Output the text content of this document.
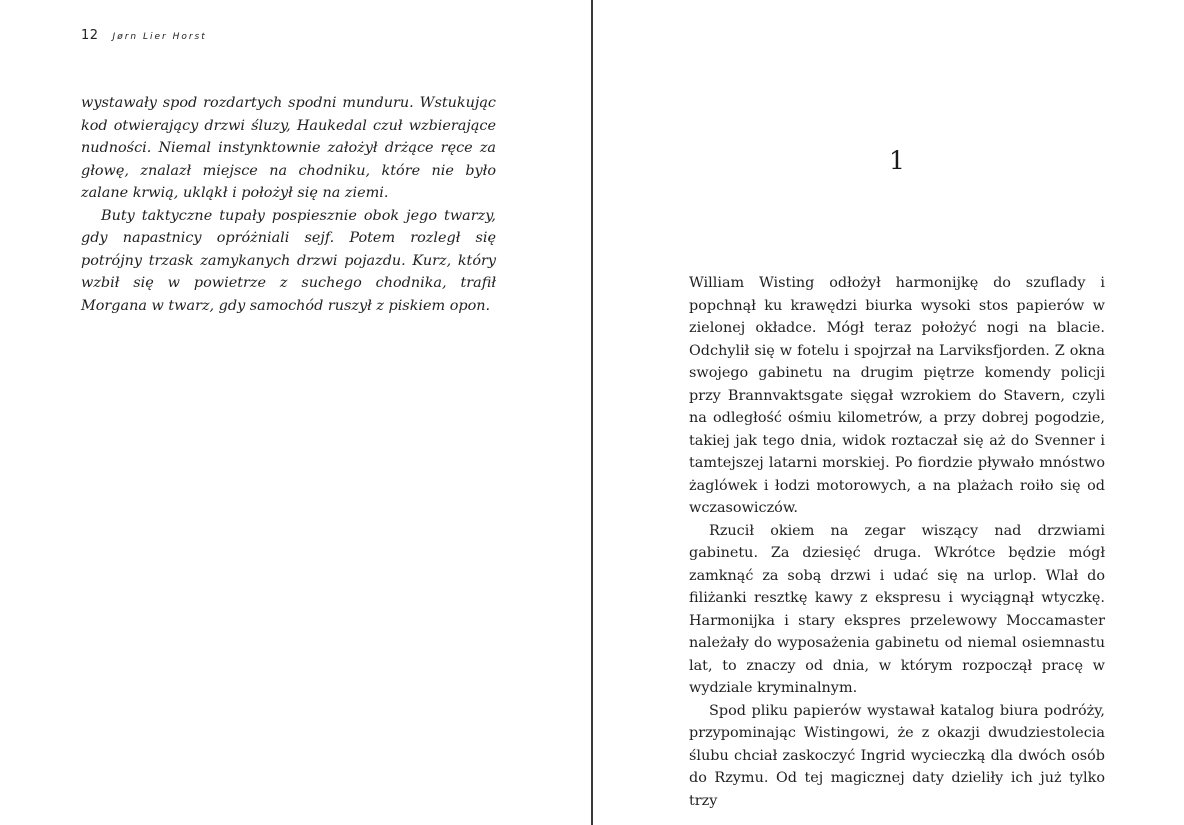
12 Jørn Lier Horst

wystawały spod rozdartych spodni munduru. Wstukując kod otwierający drzwi śluzy, Haukedal czuł wzbierające nudności. Niemal instynktownie założył drżące ręce za głowę, znalazł miejsce na chodniku, które nie było zalane krwią, ukląkł i położył się na ziemi.

Buty taktyczne tupały pospiesznie obok jego twarzy, gdy napastnicy opróżniali sejf. Potem rozległ się potrójny trzask zamykanych drzwi pojazdu. Kurz, który wzbił się w powietrze z suchego chodnika, trafił Morgana w twarz, gdy samochód ruszył z piskiem opon.

1

William Wisting odłożył harmonijkę do szuflady i popchnął ku krawędzi biurka wysoki stos papierów w zielonej okładce. Mógł teraz położyć nogi na blacie. Odchylił się w fotelu i spojrzał na Larviksfjorden. Z okna swojego gabinetu na drugim piętrze komendy policji przy Brannvaktsgate sięgał wzrokiem do Stavern, czyli na odległość ośmiu kilometrów, a przy dobrej pogodzie, takiej jak tego dnia, widok roztaczał się aż do Svenner i tamtejszej latarni morskiej. Po fiordzie pływało mnóstwo żaglówek i łodzi motorowych, a na plażach roiło się od wczasowiczów.

Rzucił okiem na zegar wiszący nad drzwiami gabinetu. Za dziesięć druga. Wkrótce będzie mógł zamknąć za sobą drzwi i udać się na urlop. Wlał do filiżanki resztkę kawy z ekspresu i wyciągnął wtyczkę. Harmonijka i stary ekspres przelewowy Moccamaster należały do wyposażenia gabinetu od niemal osiemnastu lat, to znaczy od dnia, w którym rozpoczął pracę w wydziale kryminalnym.

Spod pliku papierów wystawał katalog biura podróży, przypominając Wistingowi, że z okazji dwudziestolecia ślubu chciał zaskoczyć Ingrid wycieczką dla dwóch osób do Rzymu. Od tej magicznej daty dzieliły ich już tylko trzy
